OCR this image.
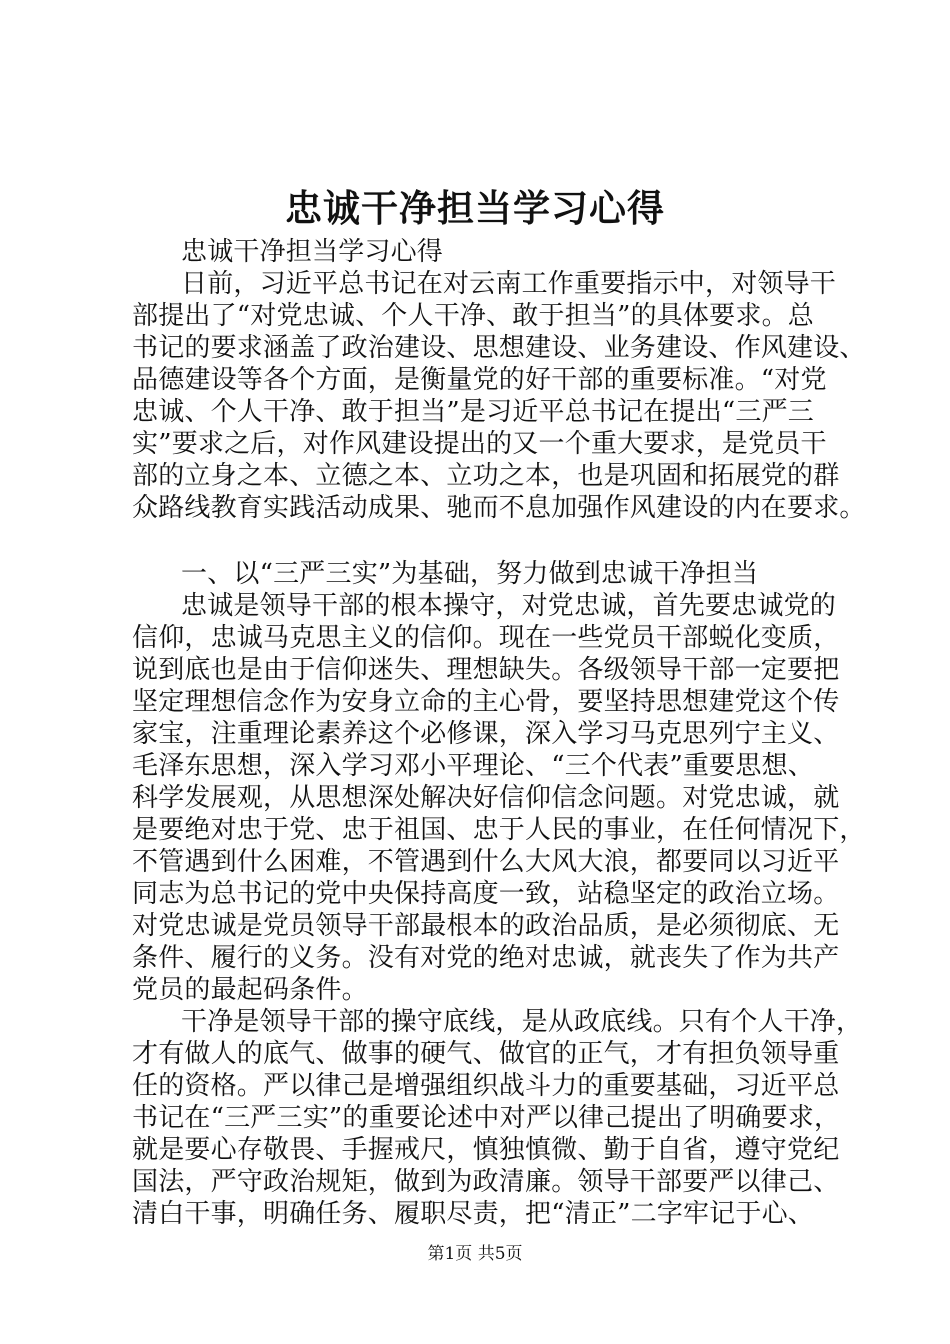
忠诚干净担当学习心得
忠诚干净担当学习心得
日前，习近平总书记在对云南工作重要指示中，对领导干
部提出了“对党忠诚、个人干净、敢于担当”的具体要求。总
书记的要求涵盖了政治建设、思想建设、业务建设、作风建设、
品德建设等各个方面，是衡量党的好干部的重要标准。“对党
忠诚、个人干净、敢于担当”是习近平总书记在提出“三严三
实”要求之后，对作风建设提出的又一个重大要求，是党员干
部的立身之本、立德之本、立功之本，也是巩固和拓展党的群
众路线教育实践活动成果、驰而不息加强作风建设的内在要求。
一、以“三严三实”为基础，努力做到忠诚干净担当
忠诚是领导干部的根本操守，对党忠诚，首先要忠诚党的
信仰，忠诚马克思主义的信仰。现在一些党员干部蜕化变质，
说到底也是由于信仰迷失、理想缺失。各级领导干部一定要把
坚定理想信念作为安身立命的主心骨，要坚持思想建党这个传
家宝，注重理论素养这个必修课，深入学习马克思列宁主义、
毛泽东思想，深入学习邓小平理论、“三个代表”重要思想、
科学发展观，从思想深处解决好信仰信念问题。对党忠诚，就
是要绝对忠于党、忠于祖国、忠于人民的事业，在任何情况下，
不管遇到什么困难，不管遇到什么大风大浪，都要同以习近平
同志为总书记的党中央保持高度一致，站稳坚定的政治立场。
对党忠诚是党员领导干部最根本的政治品质，是必须彻底、无
条件、履行的义务。没有对党的绝对忠诚，就丧失了作为共产
党员的最起码条件。
干净是领导干部的操守底线，是从政底线。只有个人干净，
才有做人的底气、做事的硬气、做官的正气，才有担负领导重
任的资格。严以律己是增强组织战斗力的重要基础，习近平总
书记在“三严三实”的重要论述中对严以律己提出了明确要求，
就是要心存敬畏、手握戒尺，慎独慎微、勤于自省，遵守党纪
国法，严守政治规矩，做到为政清廉。领导干部要严以律己、
清白干事，明确任务、履职尽责，把“清正”二字牢记于心、
第1页 共5页
